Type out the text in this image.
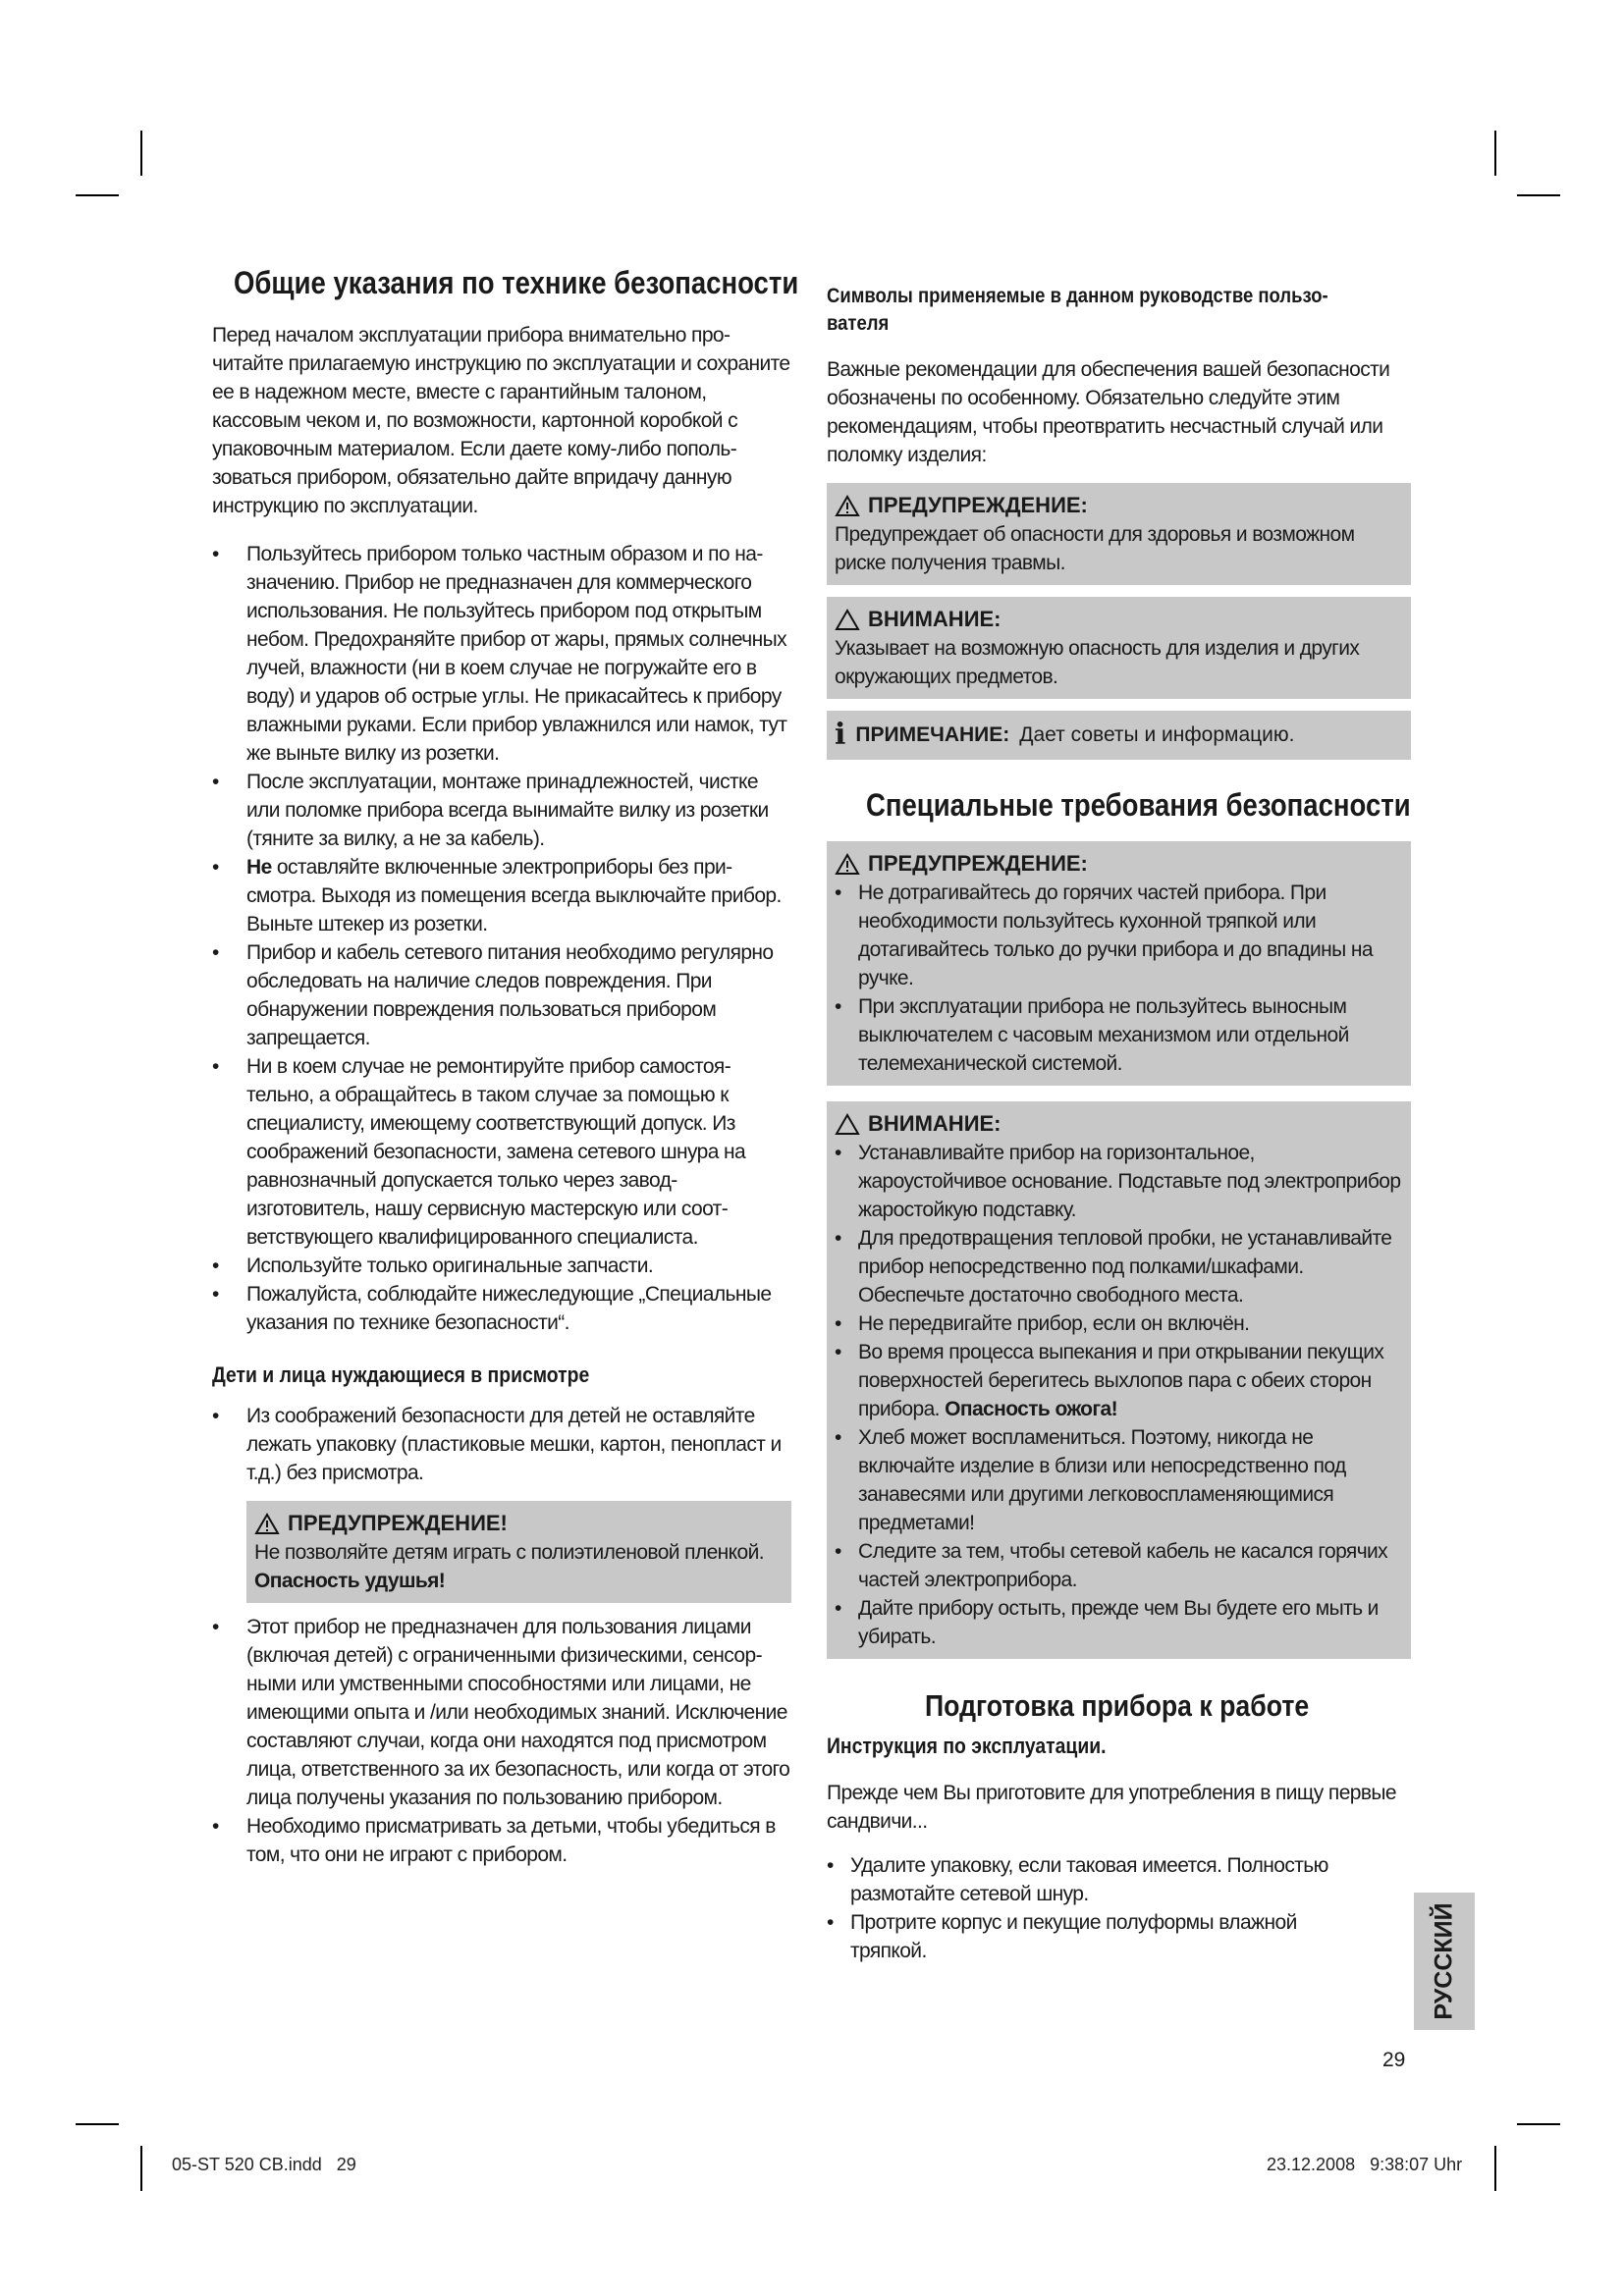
Общие указания по технике безопасности

Перед началом эксплуатации прибора внимательно прочитайте прилагаемую инструкцию по эксплуатации и сохраните ее в надежном месте, вместе с гарантийным талоном, кассовым чеком и, по возможности, картонной коробкой с упаковочным материалом. Если даете кому-либо попользоваться прибором, обязательно дайте впридачу данную инструкцию по эксплуатации.

• Пользуйтесь прибором только частным образом и по назначению. Прибор не предназначен для коммерческого использования. Не пользуйтесь прибором под открытым небом. Предохраняйте прибор от жары, прямых солнечных лучей, влажности (ни в коем случае не погружайте его в воду) и ударов об острые углы. Не прикасайтесь к прибору влажными руками. Если прибор увлажнился или намок, тут же выньте вилку из розетки.
• После эксплуатации, монтаже принадлежностей, чистке или поломке прибора всегда вынимайте вилку из розетки (тяните за вилку, а не за кабель).
• Не оставляйте включенные электроприборы без присмотра. Выходя из помещения всегда выключайте прибор. Выньте штекер из розетки.
• Прибор и кабель сетевого питания необходимо регулярно обследовать на наличие следов повреждения. При обнаружении повреждения пользоваться прибором запрещается.
• Ни в коем случае не ремонтируйте прибор самостоятельно, а обращайтесь в таком случае за помощью к специалисту, имеющему соответствующий допуск. Из соображений безопасности, замена сетевого шнура на равнозначный допускается только через заводизготовитель, нашу сервисную мастерскую или соответствующего квалифицированного специалиста.
• Используйте только оригинальные запчасти.
• Пожалуйста, соблюдайте нижеследующие „Специальные указания по технике безопасности“.
Дети и лица нуждающиеся в присмотре
• Из соображений безопасности для детей не оставляйте лежать упаковку (пластиковые мешки, картон, пенопласт и т.д.) без присмотра.
ПРЕДУПРЕЖДЕНИЕ!

Не позволяйте детям играть с полиэтиленовой пленкой. Опасность удушья!

• Этот прибор не предназначен для пользования лицами (включая детей) с ограниченными физическими, сенсорными или умственными способностями или лицами, не имеющими опыта и /или необходимых знаний. Исключение составляют случаи, когда они находятся под присмотром лица, ответственного за их безопасность, или когда от этого лица получены указания по пользованию прибором.
• Необходимо присматривать за детьми, чтобы убедиться в том, что они не играют с прибором.
Символы применяемые в данном руководстве пользователя

Важные рекомендации для обеспечения вашей безопасности обозначены по особенному. Обязательно следуйте этим рекомендациям, чтобы преотвратить несчастный случай или поломку изделия:

ПРЕДУПРЕЖДЕНИЕ:

Предупреждает об опасности для здоровья и возможном риске получения травмы.

ВНИМАНИЕ:

Указывает на возможную опасность для изделия и других окружающих предметов.

i ПРИМЕЧАНИЕ: Дает советы и информацию.
Специальные требования безопасности
ПРЕДУПРЕЖДЕНИЕ:
• Не дотрагивайтесь до горячих частей прибора. При необходимости пользуйтесь кухонной тряпкой или дотагивайтесь только до ручки прибора и до впадины на ручке.
• При эксплуатации прибора не пользуйтесь выносным выключателем с часовым механизмом или отдельной телемеханической системой.
ВНИМАНИЕ:
• Устанавливайте прибор на горизонтальное, жароустойчивое основание. Подставьте под электроприбор жаростойкую подставку.
• Для предотвращения тепловой пробки, не устанавливайте прибор непосредственно под полками/шкафами. Обеспечьте достаточно свободного места.
• Не передвигайте прибор, если он включён.
• Во время процесса выпекания и при открывании пекущих поверхностей берегитесь выхлопов пара с обеих сторон прибора. Опасность ожога!
• Хлеб может воспламениться. Поэтому, никогда не включайте изделие в близи или непосредственно под занавесями или другими легковоспламеняющимися предметами!
• Следите за тем, чтобы сетевой кабель не касался горячих частей электроприбора.
• Дайте прибору остыть, прежде чем Вы будете его мыть и убирать.
Подготовка прибора к работе
Инструкция по эксплуатации.

Прежде чем Вы приготовите для употребления в пищу первые сандвичи...

• Удалите упаковку, если таковая имеется. Полностью размотайте сетевой шнур.
• Протрите корпус и пекущие полуформы влажной тряпкой.	РУССКИЙ
29
05-ST 520 CB.indd   29	23.12.2008   9:38:07 Uhr
